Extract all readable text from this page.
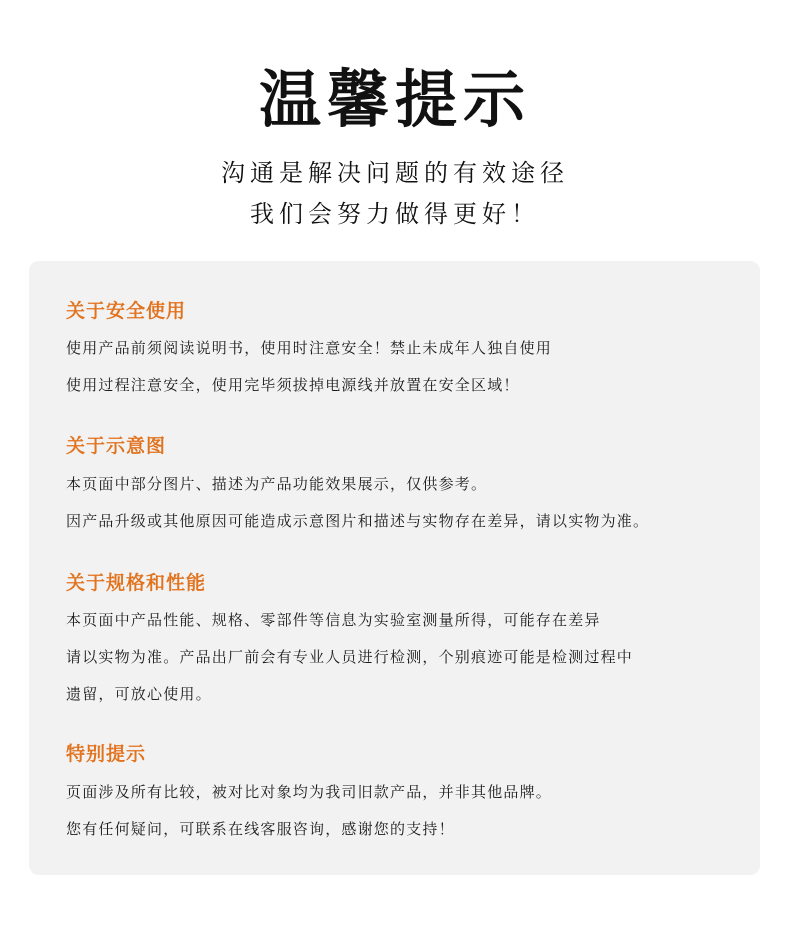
温馨提示
沟通是解决问题的有效途径
我们会努力做得更好！
关于安全使用
使用产品前须阅读说明书，使用时注意安全！禁止未成年人独自使用
使用过程注意安全，使用完毕须拔掉电源线并放置在安全区域！
关于示意图
本页面中部分图片、描述为产品功能效果展示，仅供参考。
因产品升级或其他原因可能造成示意图片和描述与实物存在差异，请以实物为准。
关于规格和性能
本页面中产品性能、规格、零部件等信息为实验室测量所得，可能存在差异
请以实物为准。产品出厂前会有专业人员进行检测，个别痕迹可能是检测过程中
遗留，可放心使用。
特别提示
页面涉及所有比较，被对比对象均为我司旧款产品，并非其他品牌。
您有任何疑问，可联系在线客服咨询，感谢您的支持！
